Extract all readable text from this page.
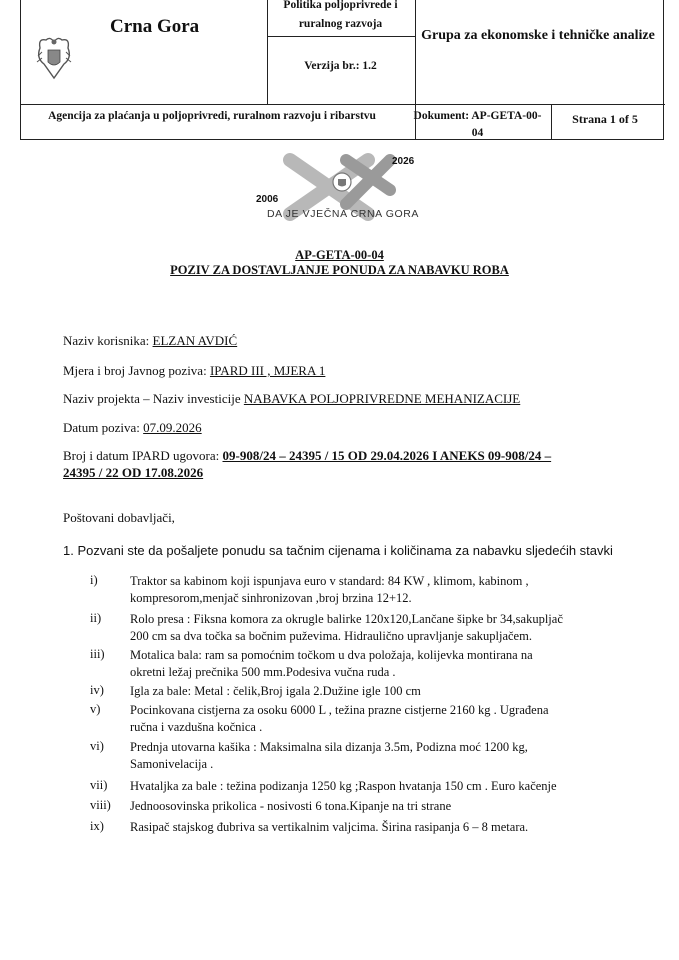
Crna Gora
Politika poljoprivrede i ruralnog razvoja
Verzija br.: 1.2
Grupa za ekonomske i tehničke analize
Agencija za plaćanja u poljoprivredi, ruralnom razvoju i ribarstvu	Dokument: AP-GETA-00-04
Strana 1 of 5
2006
2026
DA JE VJEČNA CRNA GORA
AP-GETA-00-04
POZIV ZA DOSTAVLJANJE PONUDA ZA NABAVKU ROBA
Naziv korisnika: ELZAN AVDIĆ
Mjera i broj Javnog poziva: IPARD III , MJERA 1
Naziv projekta – Naziv investicije NABAVKA POLJOPRIVREDNE MEHANIZACIJE
Datum poziva: 07.09.2026
Broj i datum IPARD ugovora: 09-908/24 – 24395 / 15 OD 29.04.2026 I ANEKS 09-908/24 –
24395 / 22 OD 17.08.2026
Poštovani dobavljači,
1. Pozvani ste da pošaljete ponudu sa tačnim cijenama i količinama za nabavku sljedećih stavki
i)	Traktor sa kabinom koji ispunjava euro v standard: 84 KW , klimom, kabinom ,
kompresorom,menjač sinhronizovan ,broj brzina 12+12.
ii)	Rolo presa : Fiksna komora za okrugle balirke 120x120,Lančane šipke br 34,sakupljač
200 cm sa dva točka sa bočnim puževima. Hidraulično upravljanje sakupljačem.
iii)	Motalica bala: ram sa pomoćnim točkom u dva položaja, kolijevka montirana na
okretni ležaj prečnika 500 mm.Podesiva vučna ruda .
iv)	Igla za bale: Metal : čelik,Broj igala 2.Dužine igle 100 cm
v)	Pocinkovana cistjerna za osoku 6000 L , težina prazne cistjerne 2160 kg . Ugrađena
ručna i vazdušna kočnica .
vi)	Prednja utovarna kašika : Maksimalna sila dizanja 3.5m, Podizna moć 1200 kg,
Samonivelacija .
vii)	Hvataljka za bale : težina podizanja 1250 kg ;Raspon hvatanja 150 cm . Euro kačenje
viii)	Jednoosovinska prikolica - nosivosti 6 tona.Kipanje na tri strane
ix)	Rasipač stajskog đubriva sa vertikalnim valjcima. Širina rasipanja 6 – 8 metara.
